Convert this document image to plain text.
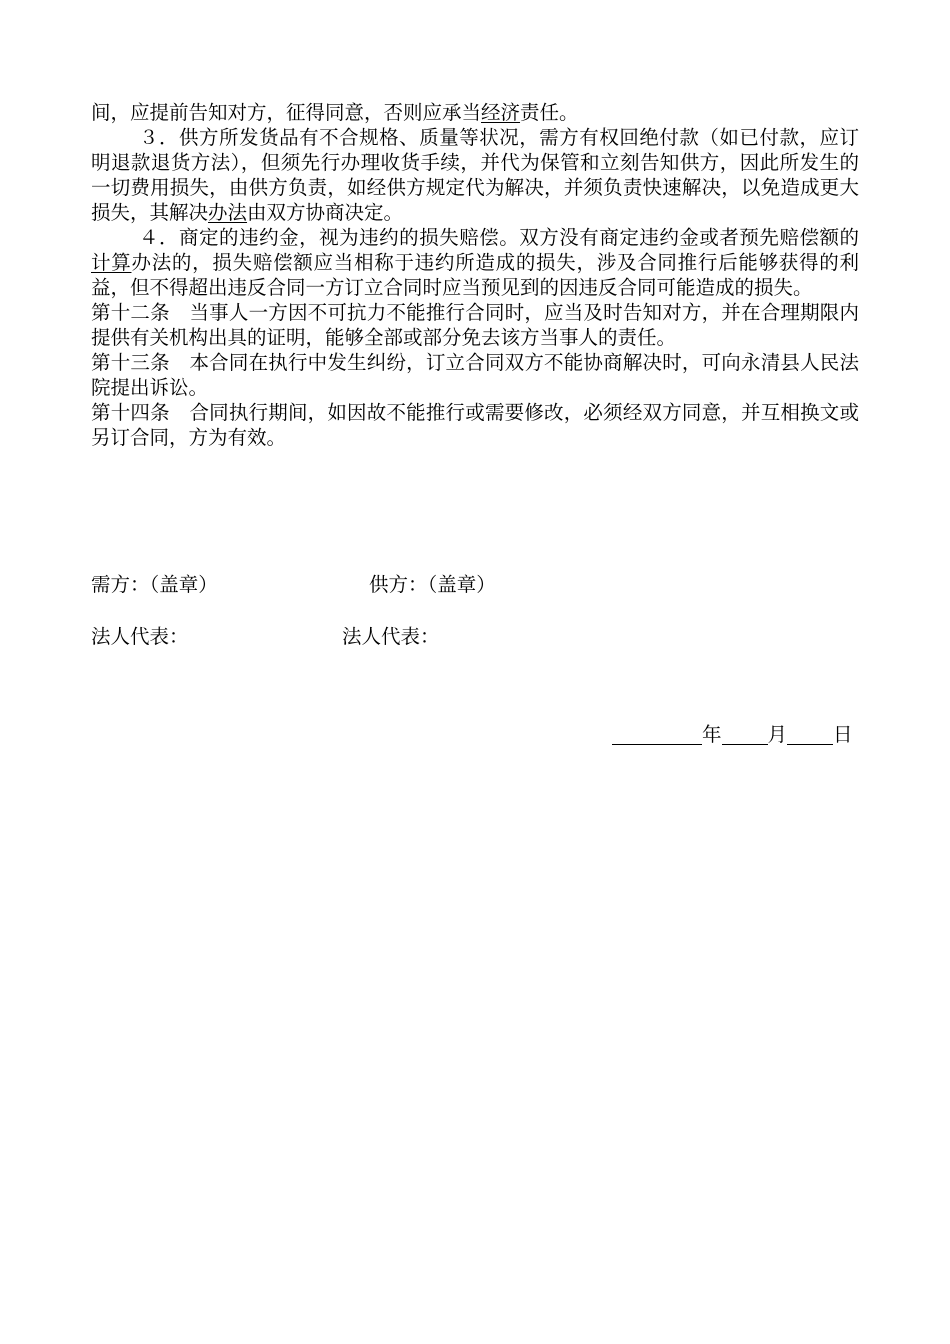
间，应提前告知对方，征得同意，否则应承当经济责任。

３．供方所发货品有不合规格、质量等状况，需方有权回绝付款（如已付款，应订明退款退货方法），但须先行办理收货手续，并代为保管和立刻告知供方，因此所发生的一切费用损失，由供方负责，如经供方规定代为解决，并须负责快速解决，以免造成更大损失，其解决办法由双方协商决定。

４．商定的违约金，视为违约的损失赔偿。双方没有商定违约金或者预先赔偿额的计算办法的，损失赔偿额应当相称于违约所造成的损失，涉及合同推行后能够获得的利益，但不得超出违反合同一方订立合同时应当预见到的因违反合同可能造成的损失。

第十二条　当事人一方因不可抗力不能推行合同时，应当及时告知对方，并在合理期限内提供有关机构出具的证明，能够全部或部分免去该方当事人的责任。

第十三条　本合同在执行中发生纠纷，订立合同双方不能协商解决时，可向永清县人民法院提出诉讼。

第十四条　合同执行期间，如因故不能推行或需要修改，必须经双方同意，并互相换文或另订合同，方为有效。

需方：（盖章）	供方：（盖章）
法人代表：	法人代表：
年 月 日
